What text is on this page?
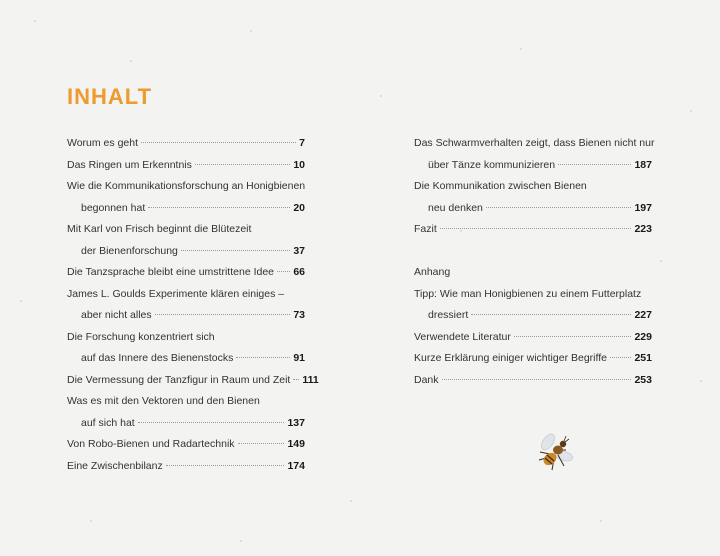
INHALT
Worum es geht	7
Das Ringen um Erkenntnis	10
Wie die Kommunikationsforschung an Honigbienen
begonnen hat	20
Mit Karl von Frisch beginnt die Blütezeit
der Bienenforschung	37
Die Tanzsprache bleibt eine umstrittene Idee 66
James L. Goulds Experimente klären einiges –
aber nicht alles	73
Die Forschung konzentriert sich
auf das Innere des Bienenstocks	91
Die Vermessung der Tanzfigur in Raum und Zeit 111
Was es mit den Vektoren und den Bienen
auf sich hat	137
Von Robo-Bienen und Radartechnik	149
Eine Zwischenbilanz	174
Das Schwarmverhalten zeigt, dass Bienen nicht nur
über Tänze kommunizieren	187
Die Kommunikation zwischen Bienen
neu denken	197
Fazit	223
Anhang
Tipp: Wie man Honigbienen zu einem Futterplatz
dressiert	227
Verwendete Literatur	229
Kurze Erklärung einiger wichtiger Begriffe	251
Dank	253
